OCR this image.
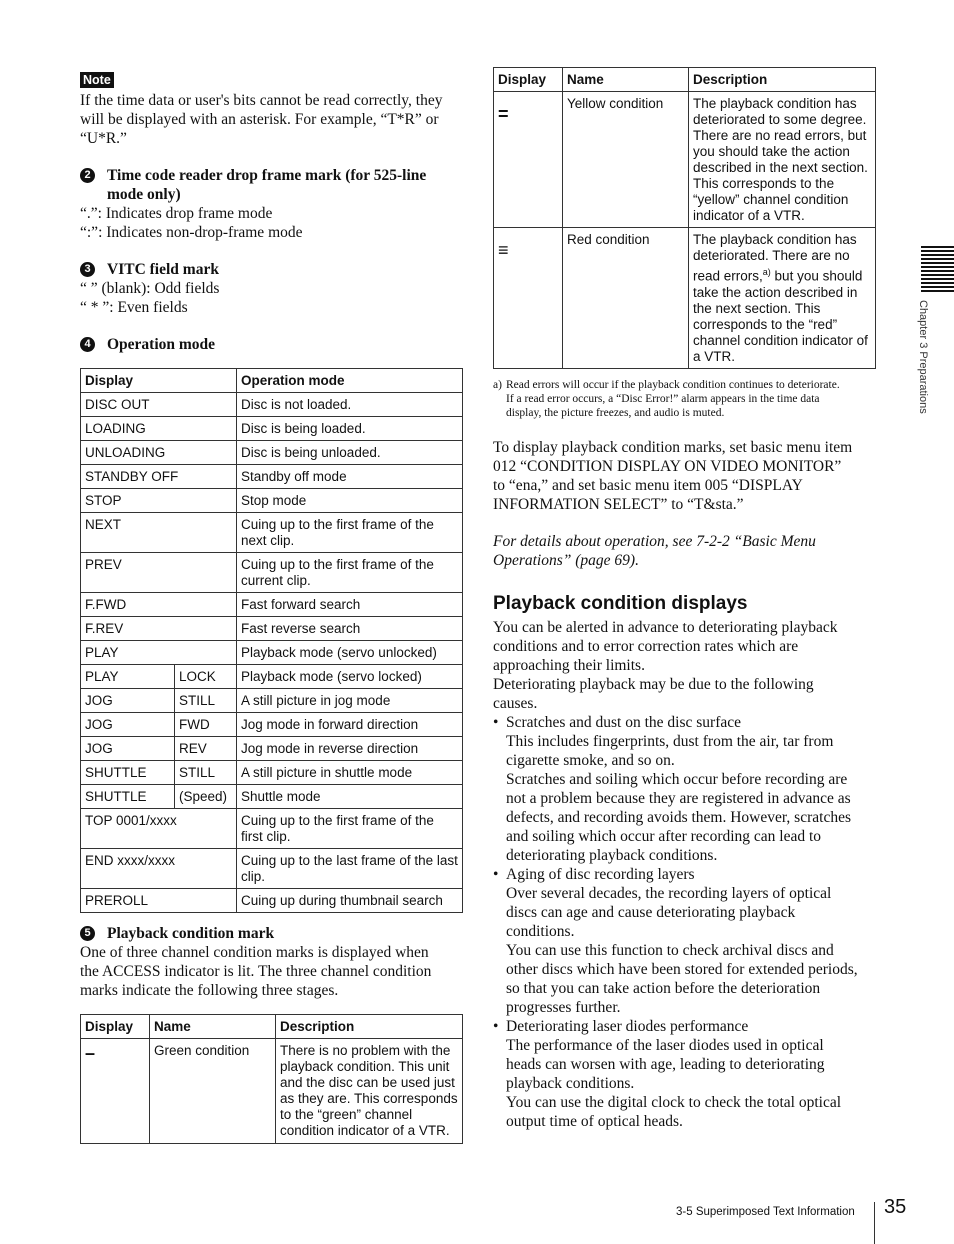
Note
If the time data or user's bits cannot be read correctly, they
will be displayed with an asterisk. For example, “T*R” or
“U*R.”
2 Time code reader drop frame mark (for 525-line
mode only)
“.”: Indicates drop frame mode
“:”: Indicates non-drop-frame mode
3 VITC field mark
“ ” (blank): Odd fields
“ * ”: Even fields
4 Operation mode
Display		Operation mode
DISC OUT		Disc is not loaded.
LOADING		Disc is being loaded.
UNLOADING		Disc is being unloaded.
STANDBY OFF		Standby off mode
STOP		Stop mode
NEXT		Cuing up to the first frame of the next clip.
PREV		Cuing up to the first frame of the current clip.
F.FWD		Fast forward search
F.REV		Fast reverse search
PLAY		Playback mode (servo unlocked)
PLAY	LOCK	Playback mode (servo locked)
JOG	STILL	A still picture in jog mode
JOG	FWD	Jog mode in forward direction
JOG	REV	Jog mode in reverse direction
SHUTTLE	STILL	A still picture in shuttle mode
SHUTTLE	(Speed)	Shuttle mode
TOP 0001/xxxx		Cuing up to the first frame of the first clip.
END xxxx/xxxx		Cuing up to the last frame of the last clip.
PREROLL		Cuing up during thumbnail search
5 Playback condition mark
One of three channel condition marks is displayed when
the ACCESS indicator is lit. The three channel condition
marks indicate the following three stages.
Display	Name	Description
–	Green condition	There is no problem with the playback condition. This unit and the disc can be used just as they are. This corresponds to the “green” channel condition indicator of a VTR.
Display	Name	Description
=	Yellow condition	The playback condition has deteriorated to some degree. There are no read errors, but you should take the action described in the next section. This corresponds to the “yellow” channel condition indicator of a VTR.
≡	Red condition	The playback condition has deteriorated. There are no read errors,$^{a)}$ but you should take the action described in the next section. This corresponds to the “red” channel condition indicator of a VTR.
a) Read errors will occur if the playback condition continues to deteriorate.
If a read error occurs, a “Disc Error!” alarm appears in the time data
display, the picture freezes, and audio is muted.
To display playback condition marks, set basic menu item
012 “CONDITION DISPLAY ON VIDEO MONITOR”
to “ena,” and set basic menu item 005 “DISPLAY
INFORMATION SELECT” to “T&sta.”
For details about operation, see 7-2-2 “Basic Menu
Operations” (page 69).
Playback condition displays
You can be alerted in advance to deteriorating playback
conditions and to error correction rates which are
approaching their limits.
Deteriorating playback may be due to the following
causes.
• Scratches and dust on the disc surface
This includes fingerprints, dust from the air, tar from
cigarette smoke, and so on.
Scratches and soiling which occur before recording are
not a problem because they are registered in advance as
defects, and recording avoids them. However, scratches
and soiling which occur after recording can lead to
deteriorating playback conditions.
• Aging of disc recording layers
Over several decades, the recording layers of optical
discs can age and cause deteriorating playback
conditions.
You can use this function to check archival discs and
other discs which have been stored for extended periods,
so that you can take action before the deterioration
progresses further.
• Deteriorating laser diodes performance
The performance of the laser diodes used in optical
heads can worsen with age, leading to deteriorating
playback conditions.
You can use the digital clock to check the total optical
output time of optical heads.
Chapter 3 Preparations
3-5 Superimposed Text Information 35
